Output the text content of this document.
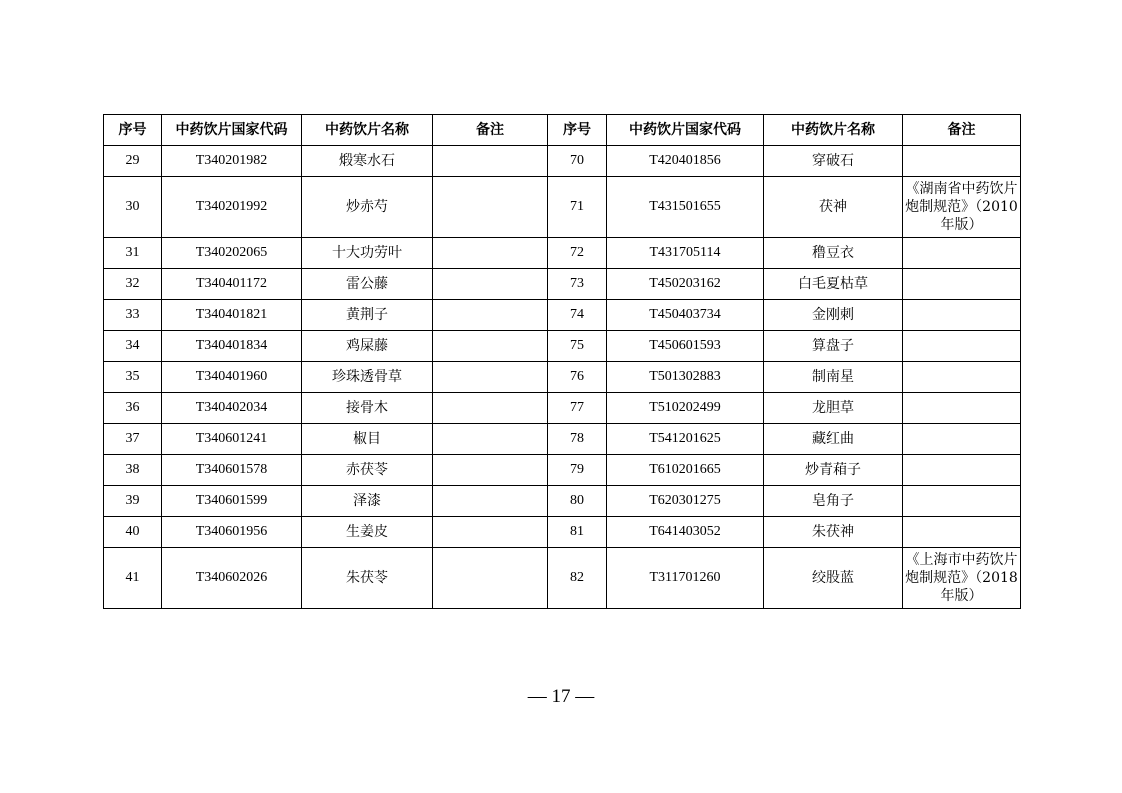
序号	中药饮片国家代码	中药饮片名称	备注	序号	中药饮片国家代码	中药饮片名称	备注
29	T340201982	煅寒水石		70	T420401856	穿破石	
30	T340201992	炒赤芍		71	T431501655	茯神	《湖南省中药饮片炮制规范》（2010 年版）
31	T340202065	十大功劳叶		72	T431705114	穞豆衣	
32	T340401172	雷公藤		73	T450203162	白毛夏枯草	
33	T340401821	黄荆子		74	T450403734	金刚刺	
34	T340401834	鸡屎藤		75	T450601593	算盘子	
35	T340401960	珍珠透骨草		76	T501302883	制南星	
36	T340402034	接骨木		77	T510202499	龙胆草	
37	T340601241	椒目		78	T541201625	藏红曲	
38	T340601578	赤茯苓		79	T610201665	炒青葙子	
39	T340601599	泽漆		80	T620301275	皂角子	
40	T340601956	生姜皮		81	T641403052	朱茯神	
41	T340602026	朱茯苓		82	T311701260	绞股蓝	《上海市中药饮片炮制规范》（2018 年版）
— 17 —
